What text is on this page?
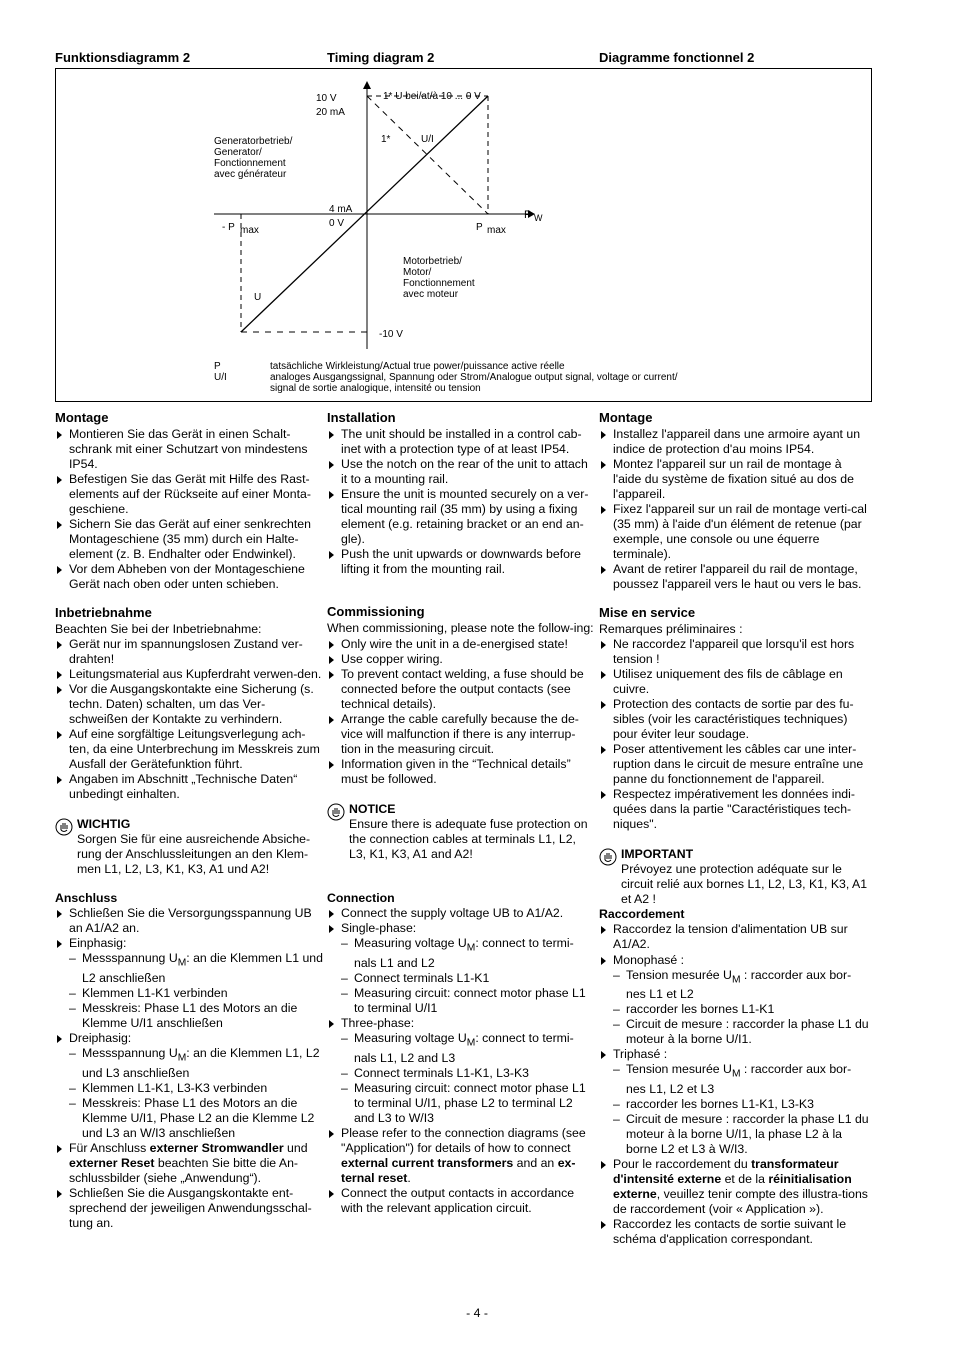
Funktionsdiagramm 2	Timing diagram 2	Diagramme fonctionnel 2
10 V
20 mA
1* U bei/at/à 10 ... 0 V
Generatorbetrieb/
Generator/
Fonctionnement
avec générateur
1*	U/I
4 mA
0 V
P W
- P max	P max
U
Motorbetrieb/
Motor/
Fonctionnement
avec moteur
-10 V
P
U/I
tatsächliche Wirkleistung/Actual true power/puissance active réelle
analoges Ausgangssignal, Spannung oder Strom/Analogue output signal, voltage or current/
signal de sortie analogique, intensité ou tension
Montage
Montieren Sie das Gerät in einen Schalt-schrank mit einer Schutzart von mindestens IP54.
Befestigen Sie das Gerät mit Hilfe des Rast-elements auf der Rückseite auf einer Monta-geschiene.
Sichern Sie das Gerät auf einer senkrechten Montageschiene (35 mm) durch ein Halte-element (z. B. Endhalter oder Endwinkel).
Vor dem Abheben von der Montageschiene Gerät nach oben oder unten schieben.
Inbetriebnahme

Beachten Sie bei der Inbetriebnahme:

Gerät nur im spannungslosen Zustand ver-drahten!
Leitungsmaterial aus Kupferdraht verwen-den.
Vor die Ausgangskontakte eine Sicherung (s. techn. Daten) schalten, um das Ver-schweißen der Kontakte zu verhindern.
Auf eine sorgfältige Leitungsverlegung ach-ten, da eine Unterbrechung im Messkreis zum Ausfall der Gerätefunktion führt.
Angaben im Abschnitt „Technische Daten“ unbedingt einhalten.
WICHTIG

Sorgen Sie für eine ausreichende Absiche-rung der Anschlussleitungen an den Klem-men L1, L2, L3, K1, K3, A1 und A2!

Anschluss
Schließen Sie die Versorgungsspannung UB an A1/A2 an.
Einphasig:
– Messspannung $U_M$: an die Klemmen L1 und L2 anschließen
– Klemmen L1-K1 verbinden
– Messkreis: Phase L1 des Motors an die Klemme U/I1 anschließen
Dreiphasig:
– Messspannung $U_M$: an die Klemmen L1, L2 und L3 anschließen
– Klemmen L1-K1, L3-K3 verbinden
– Messkreis: Phase L1 des Motors an die Klemme U/I1, Phase L2 an die Klemme L2 und L3 an W/I3 anschließen
Für Anschluss externer Stromwandler und externer Reset beachten Sie bitte die An-schlussbilder (siehe „Anwendung“).
Schließen Sie die Ausgangskontakte ent-sprechend der jeweiligen Anwendungsschal-tung an.
Installation
The unit should be installed in a control cab-inet with a protection type of at least IP54.
Use the notch on the rear of the unit to attach it to a mounting rail.
Ensure the unit is mounted securely on a ver-tical mounting rail (35 mm) by using a fixing element (e.g. retaining bracket or an end an-gle).
Push the unit upwards or downwards before lifting it from the mounting rail.
Commissioning

When commissioning, please note the follow-ing:

Only wire the unit in a de-energised state!
Use copper wiring.
To prevent contact welding, a fuse should be connected before the output contacts (see technical details).
Arrange the cable carefully because the de-vice will malfunction if there is any interrup-tion in the measuring circuit.
Information given in the “Technical details” must be followed.
NOTICE

Ensure there is adequate fuse protection on the connection cables at terminals L1, L2, L3, K1, K3, A1 and A2!

Connection
Connect the supply voltage UB to A1/A2.
Single-phase:
– Measuring voltage $U_M$: connect to termi-nals L1 and L2
– Connect terminals L1-K1
– Measuring circuit: connect motor phase L1 to terminal U/I1
Three-phase:
– Measuring voltage $U_M$: connect to termi-nals L1, L2 and L3
– Connect terminals L1-K1, L3-K3
– Measuring circuit: connect motor phase L1 to terminal U/I1, phase L2 to terminal L2 and L3 to W/I3
Please refer to the connection diagrams (see "Application") for details of how to connect external current transformers and an ex-ternal reset.
Connect the output contacts in accordance with the relevant application circuit.
Montage
Installez l'appareil dans une armoire ayant un indice de protection d'au moins IP54.
Montez l'appareil sur un rail de montage à l'aide du système de fixation situé au dos de l'appareil.
Fixez l'appareil sur un rail de montage verti-cal (35 mm) à l'aide d'un élément de retenue (par exemple, une console ou une équerre terminale).
Avant de retirer l'appareil du rail de montage, poussez l'appareil vers le haut ou vers le bas.
Mise en service

Remarques préliminaires :

Ne raccordez l'appareil que lorsqu'il est hors tension !
Utilisez uniquement des fils de câblage en cuivre.
Protection des contacts de sortie par des fu-sibles (voir les caractéristiques techniques) pour éviter leur soudage.
Poser attentivement les câbles car une inter-ruption dans le circuit de mesure entraîne une panne du fonctionnement de l'appareil.
Respectez impérativement les données indi-quées dans la partie "Caractéristiques tech-niques".
IMPORTANT

Prévoyez une protection adéquate sur le circuit relié aux bornes L1, L2, L3, K1, K3, A1 et A2 !

Raccordement
Raccordez la tension d'alimentation UB sur A1/A2.
Monophasé :
– Tension mesurée $U_M$ : raccorder aux bor-nes L1 et L2
– raccorder les bornes L1-K1
– Circuit de mesure : raccorder la phase L1 du moteur à la borne U/I1.
Triphasé :
– Tension mesurée $U_M$ : raccorder aux bor-nes L1, L2 et L3
– raccorder les bornes L1-K1, L3-K3
– Circuit de mesure : raccorder la phase L1 du moteur à la borne U/I1, la phase L2 à la borne L2 et L3 à W/I3.
Pour le raccordement du transformateur d'intensité externe et de la réinitialisation externe, veuillez tenir compte des illustra-tions de raccordement (voir « Application »).
Raccordez les contacts de sortie suivant le schéma d'application correspondant.
- 4 -
